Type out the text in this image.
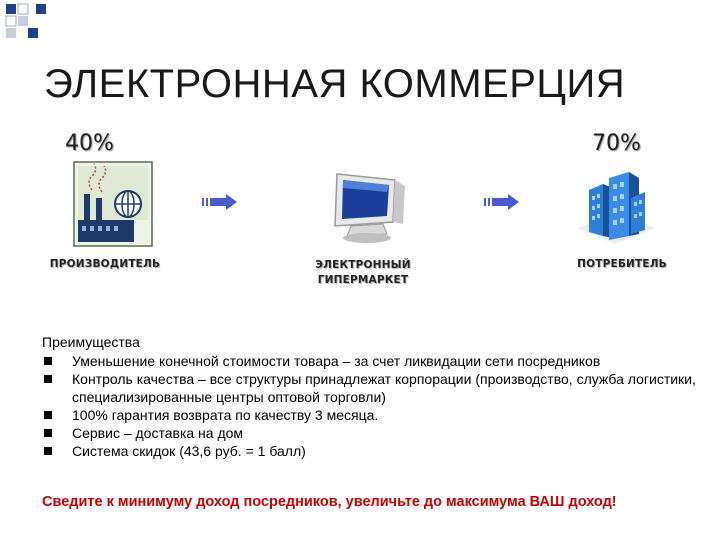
ЭЛЕКТРОННАЯ КОММЕРЦИЯ
40%	70%
ПРОИЗВОДИТЕЛЬ	ЭЛЕКТРОННЫЙ ГИПЕРМАРКЕТ
ПОТРЕБИТЕЛЬ
Преимущества
Уменьшение конечной стоимости товара – за счет ликвидации сети посредников
Контроль качества – все структуры принадлежат корпорации (производство, служба логистики, специализированные центры оптовой торговли)
100% гарантия возврата по качеству 3 месяца.
Сервис – доставка на дом
Система скидок (43,6 руб. = 1 балл)
Сведите к минимуму доход посредников, увеличьте до максимума ВАШ доход!
